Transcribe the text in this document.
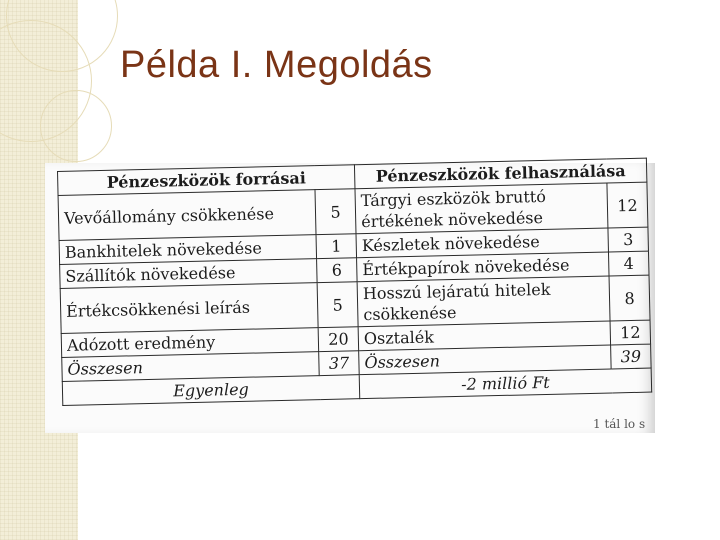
Példa I. Megoldás
Pénzeszközök forrásai		Pénzeszközök felhasználása	
Vevőállomány csökkenése	5	Tárgyi eszközök bruttó értékének növekedése	12
Bankhitelek növekedése	1	Készletek növekedése	3
Szállítók növekedése	6	Értékpapírok növekedése	4
Értékcsökkenési leírás	5	Hosszú lejáratú hitelek csökkenése	8
Adózott eredmény	20	Osztalék	12
Összesen	37	Összesen	39
Egyenleg		-2 millió Ft	
1 tál lo s
